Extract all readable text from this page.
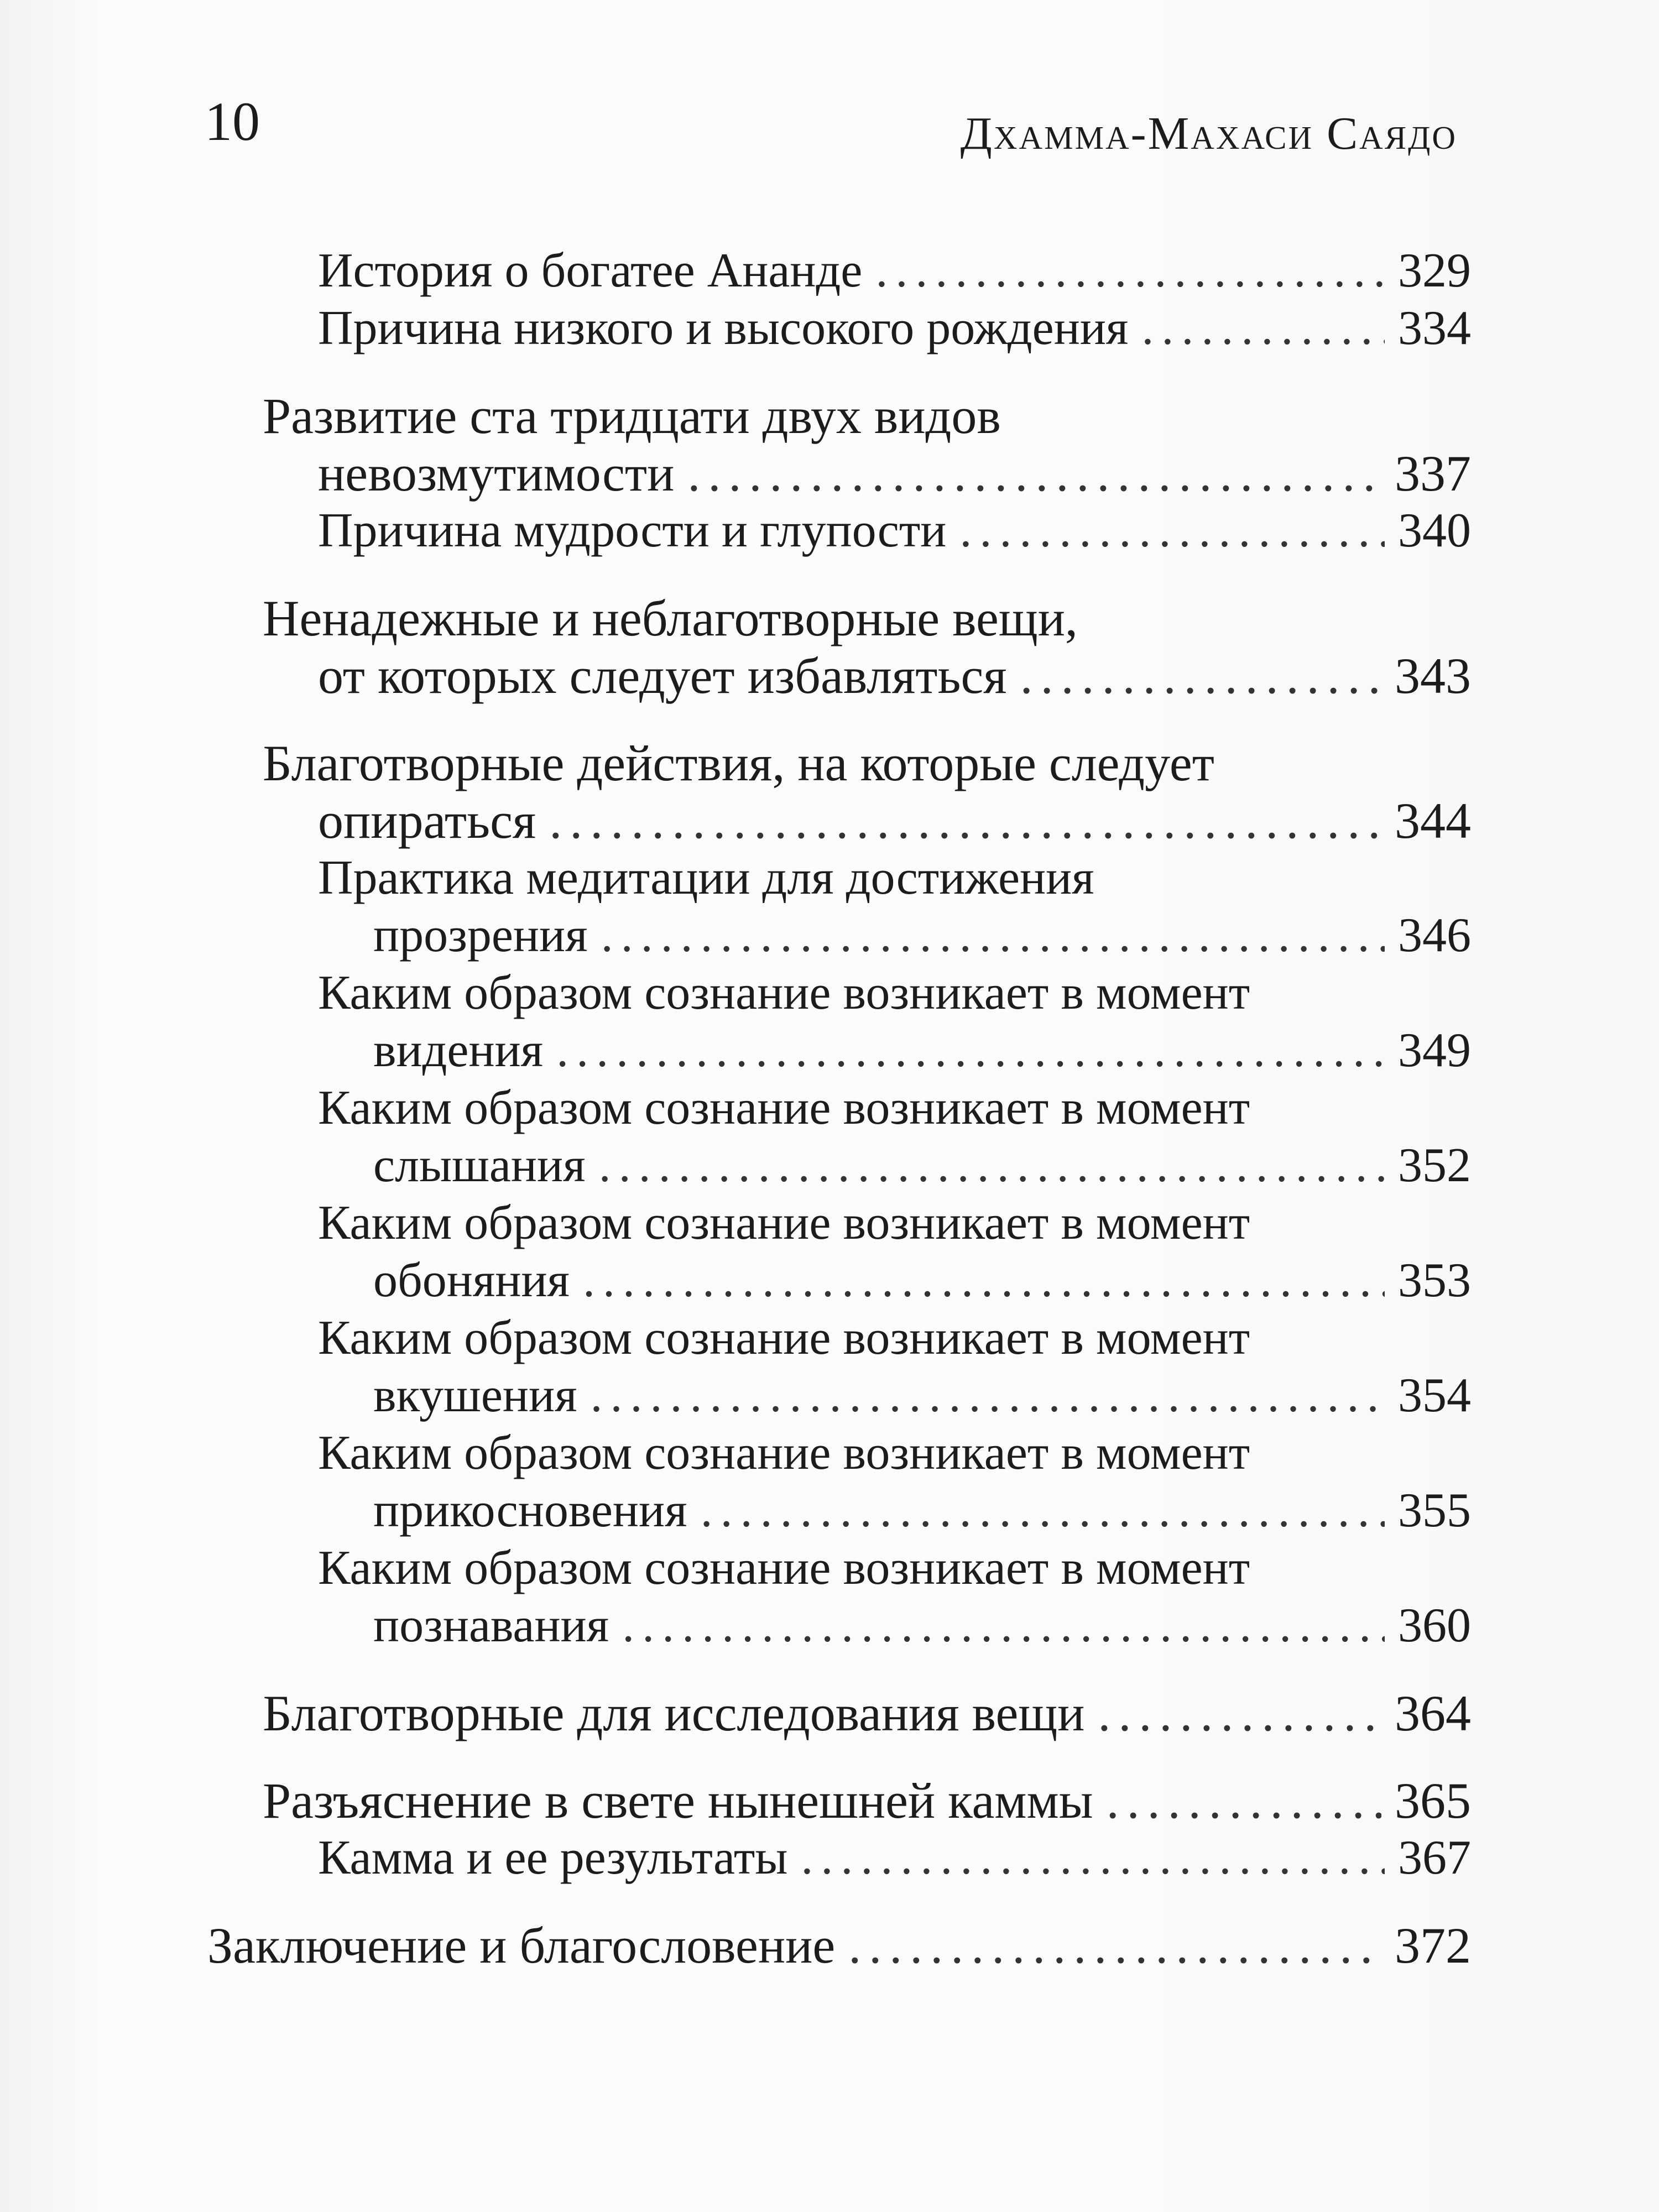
10	Дхамма-Махаси Саядо
История о богатее Ананде .....	329
Причина низкого и высокого рождения .....	334
Развитие ста тридцати двух видов
невозмутимости .....	337
Причина мудрости и глупости .....	340
Ненадежные и неблаготворные вещи,
от которых следует избавляться .....	343
Благотворные действия, на которые следует
опираться .....	344
Практика медитации для достижения
прозрения .....	346
Каким образом сознание возникает в момент
видения .....	349
Каким образом сознание возникает в момент
слышания .....	352
Каким образом сознание возникает в момент
обоняния .....	353
Каким образом сознание возникает в момент
вкушения .....	354
Каким образом сознание возникает в момент
прикосновения .....	355
Каким образом сознание возникает в момент
познавания .....	360
Благотворные для исследования вещи .....	364
Разъяснение в свете нынешней каммы .....	365
Камма и ее результаты .....	367
Заключение и благословение .....	372
